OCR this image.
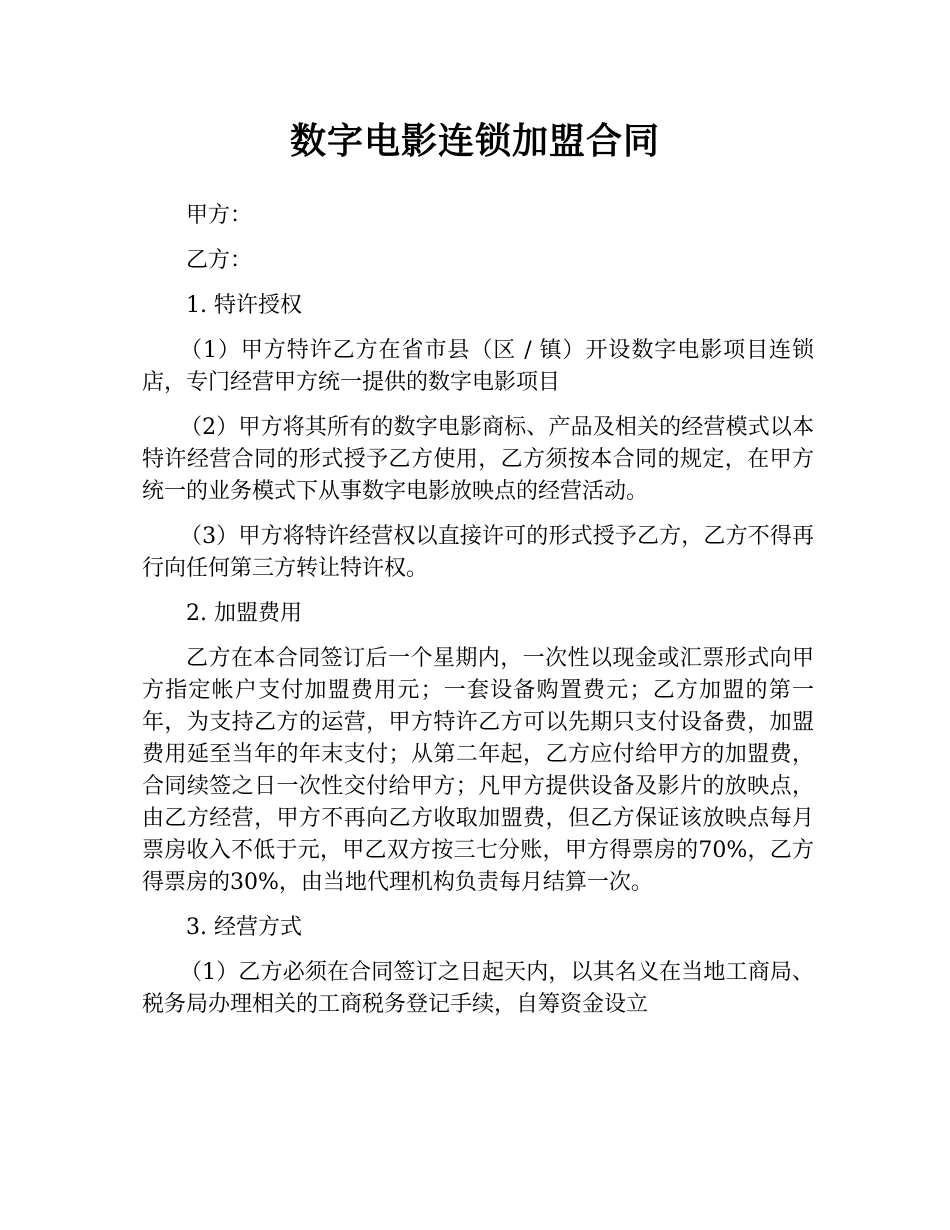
数字电影连锁加盟合同

甲方：

乙方：

1. 特许授权

（1）甲方特许乙方在省市县（区 / 镇）开设数字电影项目连锁店，专门经营甲方统一提供的数字电影项目

（2）甲方将其所有的数字电影商标、产品及相关的经营模式以本特许经营合同的形式授予乙方使用，乙方须按本合同的规定，在甲方统一的业务模式下从事数字电影放映点的经营活动。

（3）甲方将特许经营权以直接许可的形式授予乙方，乙方不得再行向任何第三方转让特许权。

2. 加盟费用

乙方在本合同签订后一个星期内，一次性以现金或汇票形式向甲方指定帐户支付加盟费用元；一套设备购置费元；乙方加盟的第一年，为支持乙方的运营，甲方特许乙方可以先期只支付设备费，加盟费用延至当年的年末支付；从第二年起，乙方应付给甲方的加盟费，合同续签之日一次性交付给甲方；凡甲方提供设备及影片的放映点，由乙方经营，甲方不再向乙方收取加盟费，但乙方保证该放映点每月票房收入不低于元，甲乙双方按三七分账，甲方得票房的70%，乙方得票房的30%，由当地代理机构负责每月结算一次。

3. 经营方式

（1）乙方必须在合同签订之日起天内，以其名义在当地工商局、税务局办理相关的工商税务登记手续，自筹资金设立
